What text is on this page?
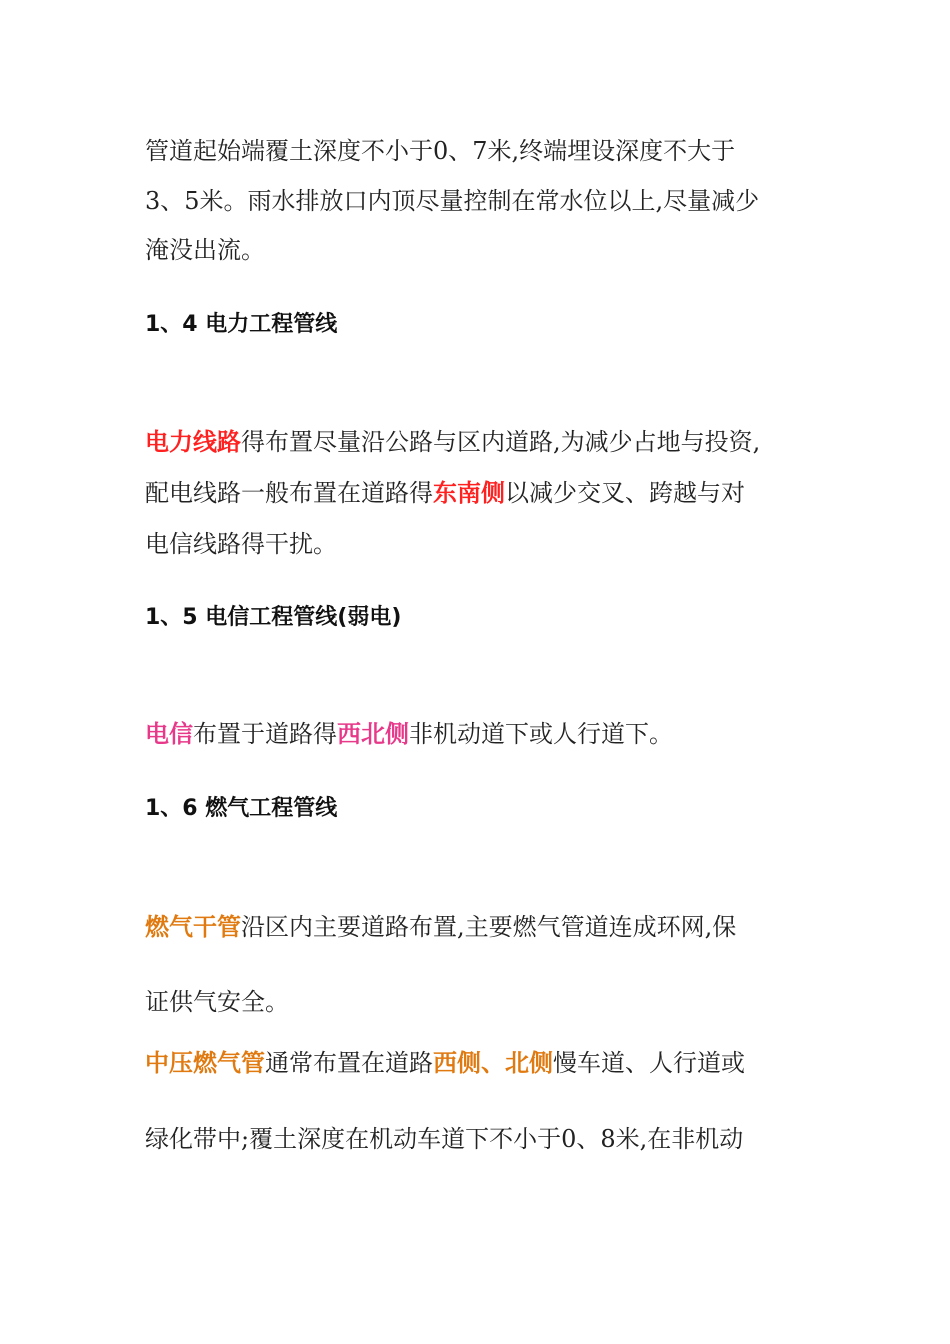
管道起始端覆土深度不小于0、7米,终端埋设深度不大于
3、5米。雨水排放口内顶尽量控制在常水位以上,尽量减少
淹没出流。
1、4 电力工程管线
电力线路得布置尽量沿公路与区内道路,为减少占地与投资,
配电线路一般布置在道路得东南侧以减少交叉、跨越与对
电信线路得干扰。
1、5 电信工程管线(弱电)
电信布置于道路得西北侧非机动道下或人行道下。
1、6 燃气工程管线
燃气干管沿区内主要道路布置,主要燃气管道连成环网,保
证供气安全。
中压燃气管通常布置在道路西侧、北侧慢车道、人行道或
绿化带中;覆土深度在机动车道下不小于0、8米,在非机动
